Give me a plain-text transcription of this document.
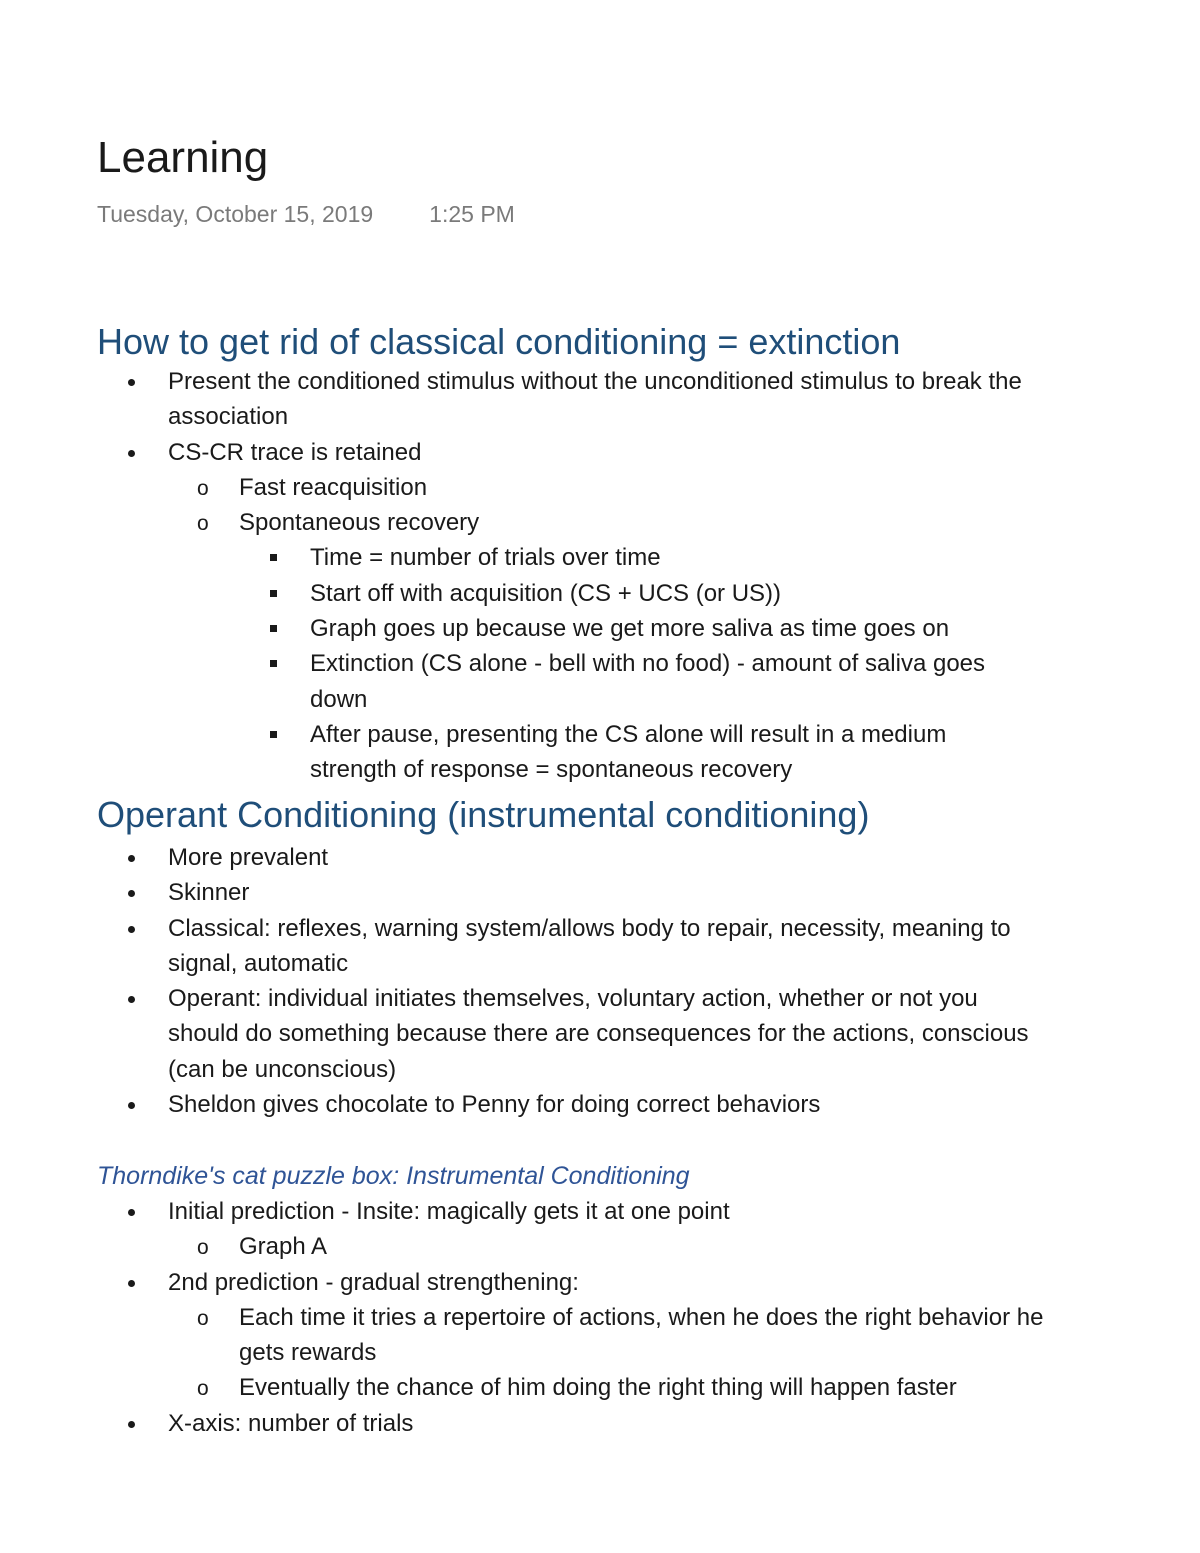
Learning
Tuesday, October 15, 2019 1:25 PM
How to get rid of classical conditioning = extinction
Present the conditioned stimulus without the unconditioned stimulus to break the association
CS-CR trace is retained
o Fast reacquisition
o Spontaneous recovery
Time = number of trials over time
Start off with acquisition (CS + UCS (or US))
Graph goes up because we get more saliva as time goes on
Extinction (CS alone - bell with no food) - amount of saliva goes down
After pause, presenting the CS alone will result in a medium strength of response = spontaneous recovery
Operant Conditioning (instrumental conditioning)
More prevalent
Skinner
Classical: reflexes, warning system/allows body to repair, necessity, meaning to signal, automatic
Operant: individual initiates themselves, voluntary action, whether or not you should do something because there are consequences for the actions, conscious (can be unconscious)
Sheldon gives chocolate to Penny for doing correct behaviors
Thorndike's cat puzzle box: Instrumental Conditioning
Initial prediction - Insite: magically gets it at one point
o Graph A
2nd prediction - gradual strengthening:
o Each time it tries a repertoire of actions, when he does the right behavior he gets rewards
o Eventually the chance of him doing the right thing will happen faster
X-axis: number of trials
